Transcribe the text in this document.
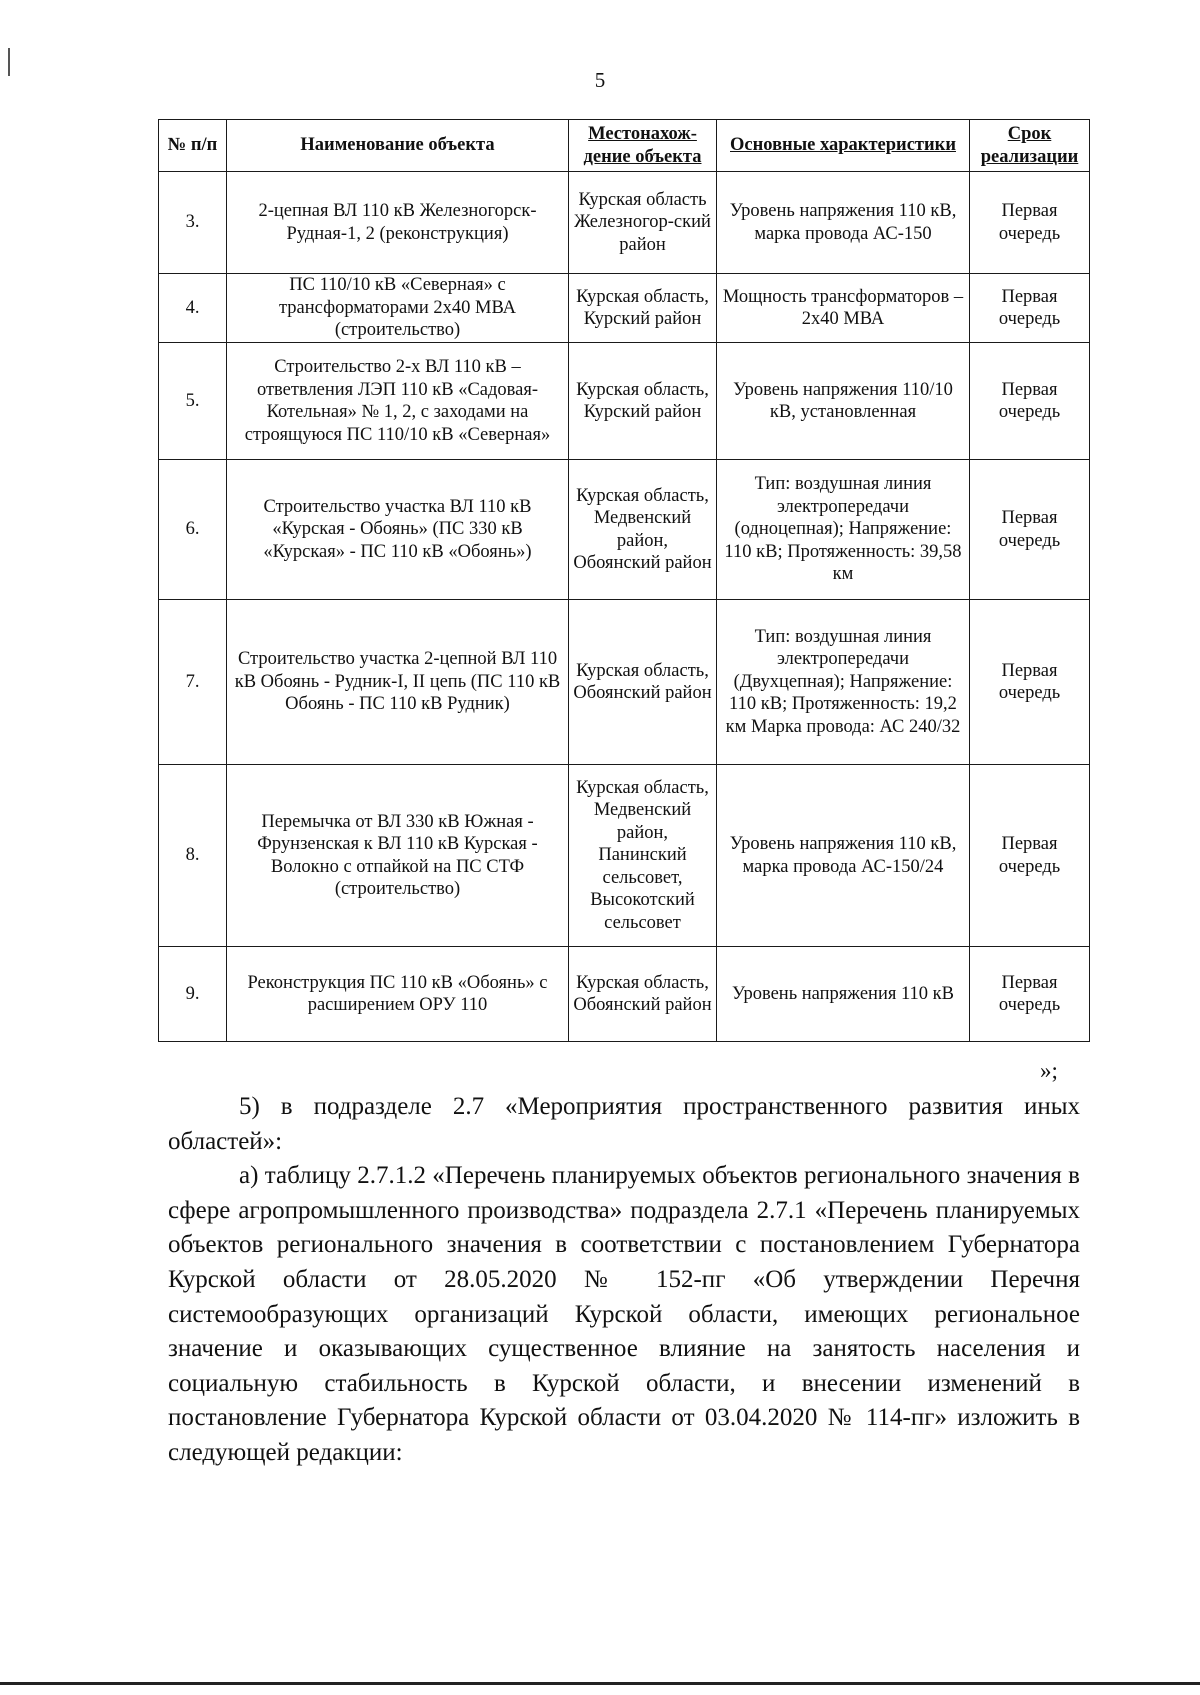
5
№ п/п	Наименование объекта	Местонахож-дение объекта	Основные характеристики	Срок реализации
3.	2-цепная ВЛ 110 кВ Железногорск-Рудная-1, 2 (реконструкция)	Курская область Железногор-ский район	Уровень напряжения 110 кВ, марка провода АС-150	Первая очередь
4.	ПС 110/10 кВ «Северная» с трансформаторами 2х40 МВА (строительство)	Курская область, Курский район	Мощность трансформаторов – 2х40 МВА	Первая очередь
5.	Строительство 2-х ВЛ 110 кВ – ответвления ЛЭП 110 кВ «Садовая-Котельная» № 1, 2, с заходами на строящуюся ПС 110/10 кВ «Северная»	Курская область, Курский район	Уровень напряжения 110/10 кВ, установленная	Первая очередь
6.	Строительство участка ВЛ 110 кВ «Курская - Обоянь» (ПС 330 кВ «Курская» - ПС 110 кВ «Обоянь»)	Курская область, Медвенский район, Обоянский район	Тип: воздушная линия электропередачи (одноцепная); Напряжение: 110 кВ; Протяженность: 39,58 км	Первая очередь
7.	Строительство участка 2-цепной ВЛ 110 кВ Обоянь - Рудник-I, II цепь (ПС 110 кВ Обоянь - ПС 110 кВ Рудник)	Курская область, Обоянский район	Тип: воздушная линия электропередачи (Двухцепная); Напряжение: 110 кВ; Протяженность: 19,2 км Марка провода: АС 240/32	Первая очередь
8.	Перемычка от ВЛ 330 кВ Южная - Фрунзенская к ВЛ 110 кВ Курская - Волокно с отпайкой на ПС СТФ (строительство)	Курская область, Медвенский район, Панинский сельсовет, Высокотский сельсовет	Уровень напряжения 110 кВ, марка провода АС-150/24	Первая очередь
9.	Реконструкция ПС 110 кВ «Обоянь» с расширением ОРУ 110	Курская область, Обоянский район	Уровень напряжения 110 кВ	Первая очередь
»;

5) в подразделе 2.7 «Мероприятия пространственного развития иных областей»:

а) таблицу 2.7.1.2 «Перечень планируемых объектов регионального значения в сфере агропромышленного производства» подраздела 2.7.1 «Перечень планируемых объектов регионального значения в соответствии с постановлением Губернатора Курской области от 28.05.2020 № 152-пг «Об утверждении Перечня системообразующих организаций Курской области, имеющих региональное значение и оказывающих существенное влияние на занятость населения и социальную стабильность в Курской области, и внесении изменений в постановление Губернатора Курской области от 03.04.2020 № 114-пг» изложить в следующей редакции:
